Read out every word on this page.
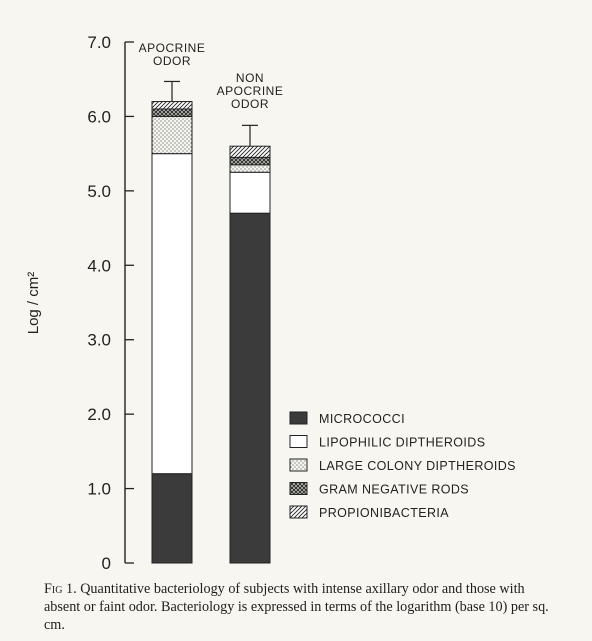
0
1.0
2.0
3.0
4.0
5.0
6.0
7.0
Log / cm²
APOCRINE
ODOR
NON
APOCRINE
ODOR
MICROCOCCI
LIPOPHILIC DIPTHEROIDS
LARGE COLONY DIPTHEROIDS
GRAM NEGATIVE RODS
PROPIONIBACTERIA

Fig 1. Quantitative bacteriology of subjects with intense axillary odor and those with absent or faint odor. Bacteriology is expressed in terms of the logarithm (base 10) per sq. cm.
